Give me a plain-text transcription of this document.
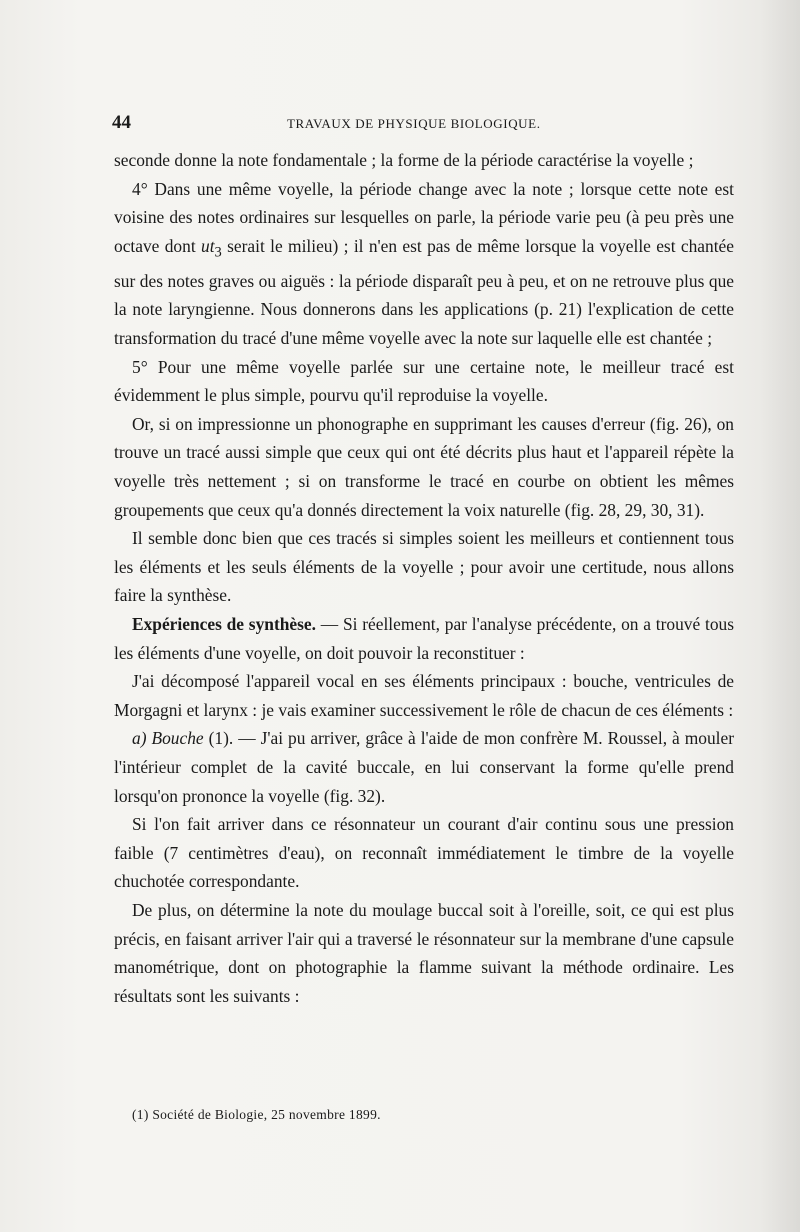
44	TRAVAUX DE PHYSIQUE BIOLOGIQUE.

seconde donne la note fondamentale ; la forme de la période caractérise la voyelle ;

4° Dans une même voyelle, la période change avec la note ; lorsque cette note est voisine des notes ordinaires sur lesquelles on parle, la période varie peu (à peu près une octave dont $ut_3$ serait le milieu) ; il n'en est pas de même lorsque la voyelle est chantée sur des notes graves ou aiguës : la période disparaît peu à peu, et on ne retrouve plus que la note laryngienne. Nous donnerons dans les applications (p. 21) l'explication de cette transformation du tracé d'une même voyelle avec la note sur laquelle elle est chantée ;

5° Pour une même voyelle parlée sur une certaine note, le meilleur tracé est évidemment le plus simple, pourvu qu'il reproduise la voyelle.

Or, si on impressionne un phonographe en supprimant les causes d'erreur (fig. 26), on trouve un tracé aussi simple que ceux qui ont été décrits plus haut et l'appareil répète la voyelle très nettement ; si on transforme le tracé en courbe on obtient les mêmes groupements que ceux qu'a donnés directement la voix naturelle (fig. 28, 29, 30, 31).

Il semble donc bien que ces tracés si simples soient les meilleurs et contiennent tous les éléments et les seuls éléments de la voyelle ; pour avoir une certitude, nous allons faire la synthèse.

Expériences de synthèse. — Si réellement, par l'analyse précédente, on a trouvé tous les éléments d'une voyelle, on doit pouvoir la reconstituer :

J'ai décomposé l'appareil vocal en ses éléments principaux : bouche, ventricules de Morgagni et larynx : je vais examiner successivement le rôle de chacun de ces éléments :

a) Bouche (1). — J'ai pu arriver, grâce à l'aide de mon confrère M. Roussel, à mouler l'intérieur complet de la cavité buccale, en lui conservant la forme qu'elle prend lorsqu'on prononce la voyelle (fig. 32).

Si l'on fait arriver dans ce résonnateur un courant d'air continu sous une pression faible (7 centimètres d'eau), on reconnaît immédiatement le timbre de la voyelle chuchotée correspondante.

De plus, on détermine la note du moulage buccal soit à l'oreille, soit, ce qui est plus précis, en faisant arriver l'air qui a traversé le résonnateur sur la membrane d'une capsule manométrique, dont on photographie la flamme suivant la méthode ordinaire. Les résultats sont les suivants :

(1) Société de Biologie, 25 novembre 1899.
